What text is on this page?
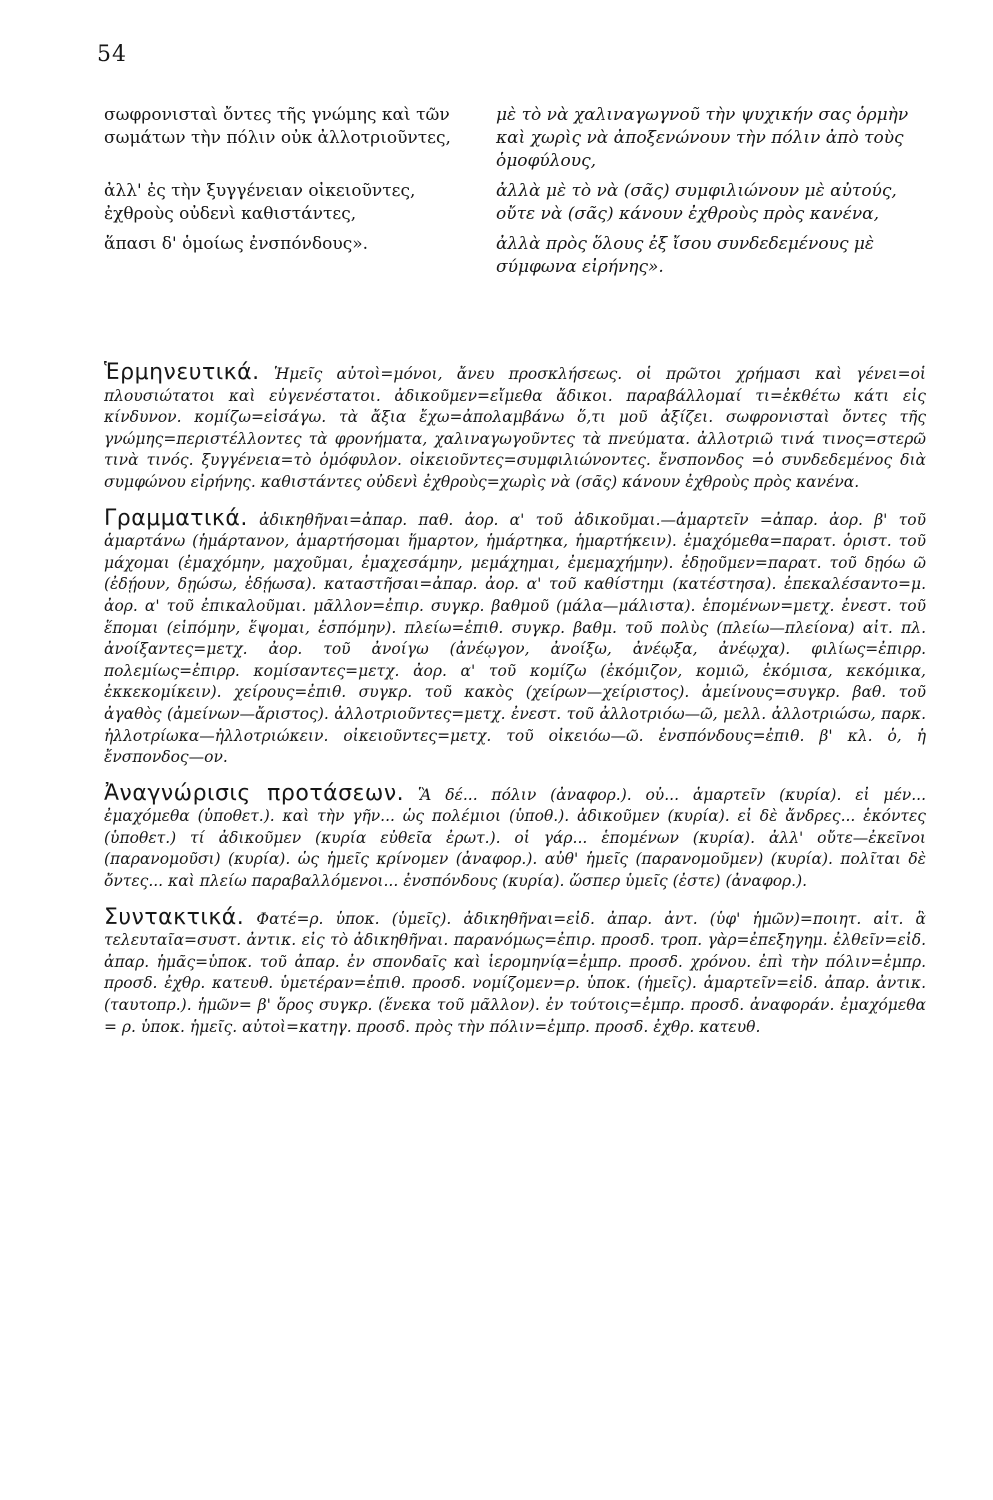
54
σωφρονισταὶ ὄντες τῆς γνώμης καὶ τῶν σωμάτων τὴν πόλιν οὐκ ἀλλοτριοῦντες,
μὲ τὸ νὰ χαλιναγωγνοῦ τὴν ψυχικήν σας ὁρμὴν καὶ χωρὶς νὰ ἀποξενώνουν τὴν πόλιν ἀπὸ τοὺς ὁμοφύλους,
ἀλλ' ἐς τὴν ξυγγένειαν οἰκειοῦντες, ἐχθροὺς οὐδενὶ καθιστάντες,
ἀλλὰ μὲ τὸ νὰ (σᾶς) συμφιλιώνουν μὲ αὐτούς, οὔτε νὰ (σᾶς) κάνουν ἐχθροὺς πρὸς κανένα,
ἅπασι δ' ὁμοίως ἐνσπόνδους».	ἀλλὰ πρὸς ὅλους ἐξ ἴσου συνδεδεμένους μὲ σύμφωνα εἰρήνης».

Ἑρμηνευτικά. Ἡμεῖς αὐτοὶ=μόνοι, ἄνευ προσκλήσεως. οἱ πρῶτοι χρήμασι καὶ γένει=οἱ πλουσιώτατοι καὶ εὐγενέστατοι. ἀδικοῦμεν=εἴμεθα ἄδικοι. παραβάλλομαί τι=ἐκθέτω κάτι εἰς κίνδυνον. κομίζω=εἰσάγω. τὰ ἄξια ἔχω=ἀπολαμβάνω ὅ,τι μοῦ ἀξίζει. σωφρονισταὶ ὄντες τῆς γνώμης=περιστέλλοντες τὰ φρονήματα, χαλιναγωγοῦντες τὰ πνεύματα. ἀλλοτριῶ τινά τινος=στερῶ τινὰ τινός. ξυγγένεια=τὸ ὁμόφυλον. οἰκειοῦντες=συμφιλιώνοντες. ἔνσπονδος =ὁ συνδεδεμένος διὰ συμφώνου εἰρήνης. καθιστάντες οὐδενὶ ἐχθροὺς=χωρὶς νὰ (σᾶς) κάνουν ἐχθροὺς πρὸς κανένα.

Γραμματικά. ἀδικηθῆναι=ἀπαρ. παθ. ἀορ. α' τοῦ ἀδικοῦμαι.—ἁμαρτεῖν =ἀπαρ. ἀορ. β' τοῦ ἁμαρτάνω (ἡμάρτανον, ἁμαρτήσομαι ἥμαρτον, ἡμάρτηκα, ἡμαρτήκειν). ἐμαχόμεθα=παρατ. ὁριστ. τοῦ μάχομαι (ἐμαχόμην, μαχοῦμαι, ἐμαχεσάμην, μεμάχημαι, ἐμεμαχήμην). ἐδῃοῦμεν=παρατ. τοῦ δῃόω ῶ (ἐδῄουν, δῃώσω, ἐδῄωσα). καταστῆσαι=ἀπαρ. ἀορ. α' τοῦ καθίστημι (κατέστησα). ἐπεκαλέσαντο=μ. ἀορ. α' τοῦ ἐπικαλοῦμαι. μᾶλλον=ἐπιρ. συγκρ. βαθμοῦ (μάλα—μάλιστα). ἑπομένων=μετχ. ἐνεστ. τοῦ ἕπομαι (εἱπόμην, ἕψομαι, ἑσπόμην). πλείω=ἐπιθ. συγκρ. βαθμ. τοῦ πολὺς (πλείω—πλείονα) αἰτ. πλ. ἀνοίξαντες=μετχ. ἀορ. τοῦ ἀνοίγω (ἀνέῳγον, ἀνοίξω, ἀνέῳξα, ἀνέῳχα). φιλίως=ἐπιρρ. πολεμίως=ἐπιρρ. κομίσαντες=μετχ. ἀορ. α' τοῦ κομίζω (ἐκόμιζον, κομιῶ, ἐκόμισα, κεκόμικα, ἐκκεκομίκειν). χείρους=ἐπιθ. συγκρ. τοῦ κακὸς (χείρων—χείριστος). ἀμείνους=συγκρ. βαθ. τοῦ ἀγαθὸς (ἀμείνων—ἄριστος). ἀλλοτριοῦντες=μετχ. ἐνεστ. τοῦ ἀλλοτριόω—ῶ, μελλ. ἀλλοτριώσω, παρκ. ἠλλοτρίωκα—ἠλλοτριώκειν. οἰκειοῦντες=μετχ. τοῦ οἰκειόω—ῶ. ἐνσπόνδους=ἐπιθ. β' κλ. ὁ, ἡ ἔνσπονδος—ον.

Ἀναγνώρισις προτάσεων. Ἃ δέ... πόλιν (ἀναφορ.). οὐ... ἁμαρτεῖν (κυρία). εἰ μέν... ἐμαχόμεθα (ὑποθετ.). καὶ τὴν γῆν... ὡς πολέμιοι (ὑποθ.). ἀδικοῦμεν (κυρία). εἰ δὲ ἄνδρες... ἑκόντες (ὑποθετ.) τί ἀδικοῦμεν (κυρία εὐθεῖα ἐρωτ.). οἱ γάρ... ἑπομένων (κυρία). ἀλλ' οὔτε—ἐκεῖνοι (παρανομοῦσι) (κυρία). ὡς ἡμεῖς κρίνομεν (ἀναφορ.). αὐθ' ἡμεῖς (παρανομοῦμεν) (κυρία). πολῖται δὲ ὄντες... καὶ πλείω παραβαλλόμενοι... ἐνσπόνδους (κυρία). ὥσπερ ὑμεῖς (ἐστε) (ἀναφορ.).

Συντακτικά. Φατέ=ρ. ὑποκ. (ὑμεῖς). ἀδικηθῆναι=εἰδ. ἀπαρ. ἀντ. (ὑφ' ἡμῶν)=ποιητ. αἰτ. ἃ τελευταῖα=συστ. ἀντικ. εἰς τὸ ἀδικηθῆναι. παρανόμως=ἐπιρ. προσδ. τροπ. γὰρ=ἐπεξηγημ. ἐλθεῖν=εἰδ. ἀπαρ. ἡμᾶς=ὑποκ. τοῦ ἀπαρ. ἐν σπονδαῖς καὶ ἱερομηνίᾳ=ἐμπρ. προσδ. χρόνου. ἐπὶ τὴν πόλιν=ἐμπρ. προσδ. ἐχθρ. κατευθ. ὑμετέραν=ἐπιθ. προσδ. νομίζομεν=ρ. ὑποκ. (ἡμεῖς). ἁμαρτεῖν=εἰδ. ἀπαρ. ἀντικ. (ταυτοπρ.). ἡμῶν= β' ὅρος συγκρ. (ἕνεκα τοῦ μᾶλλον). ἐν τούτοις=ἐμπρ. προσδ. ἀναφοράν. ἐμαχόμεθα = ρ. ὑποκ. ἡμεῖς. αὐτοὶ=κατηγ. προσδ. πρὸς τὴν πόλιν=ἐμπρ. προσδ. ἐχθρ. κατευθ.
